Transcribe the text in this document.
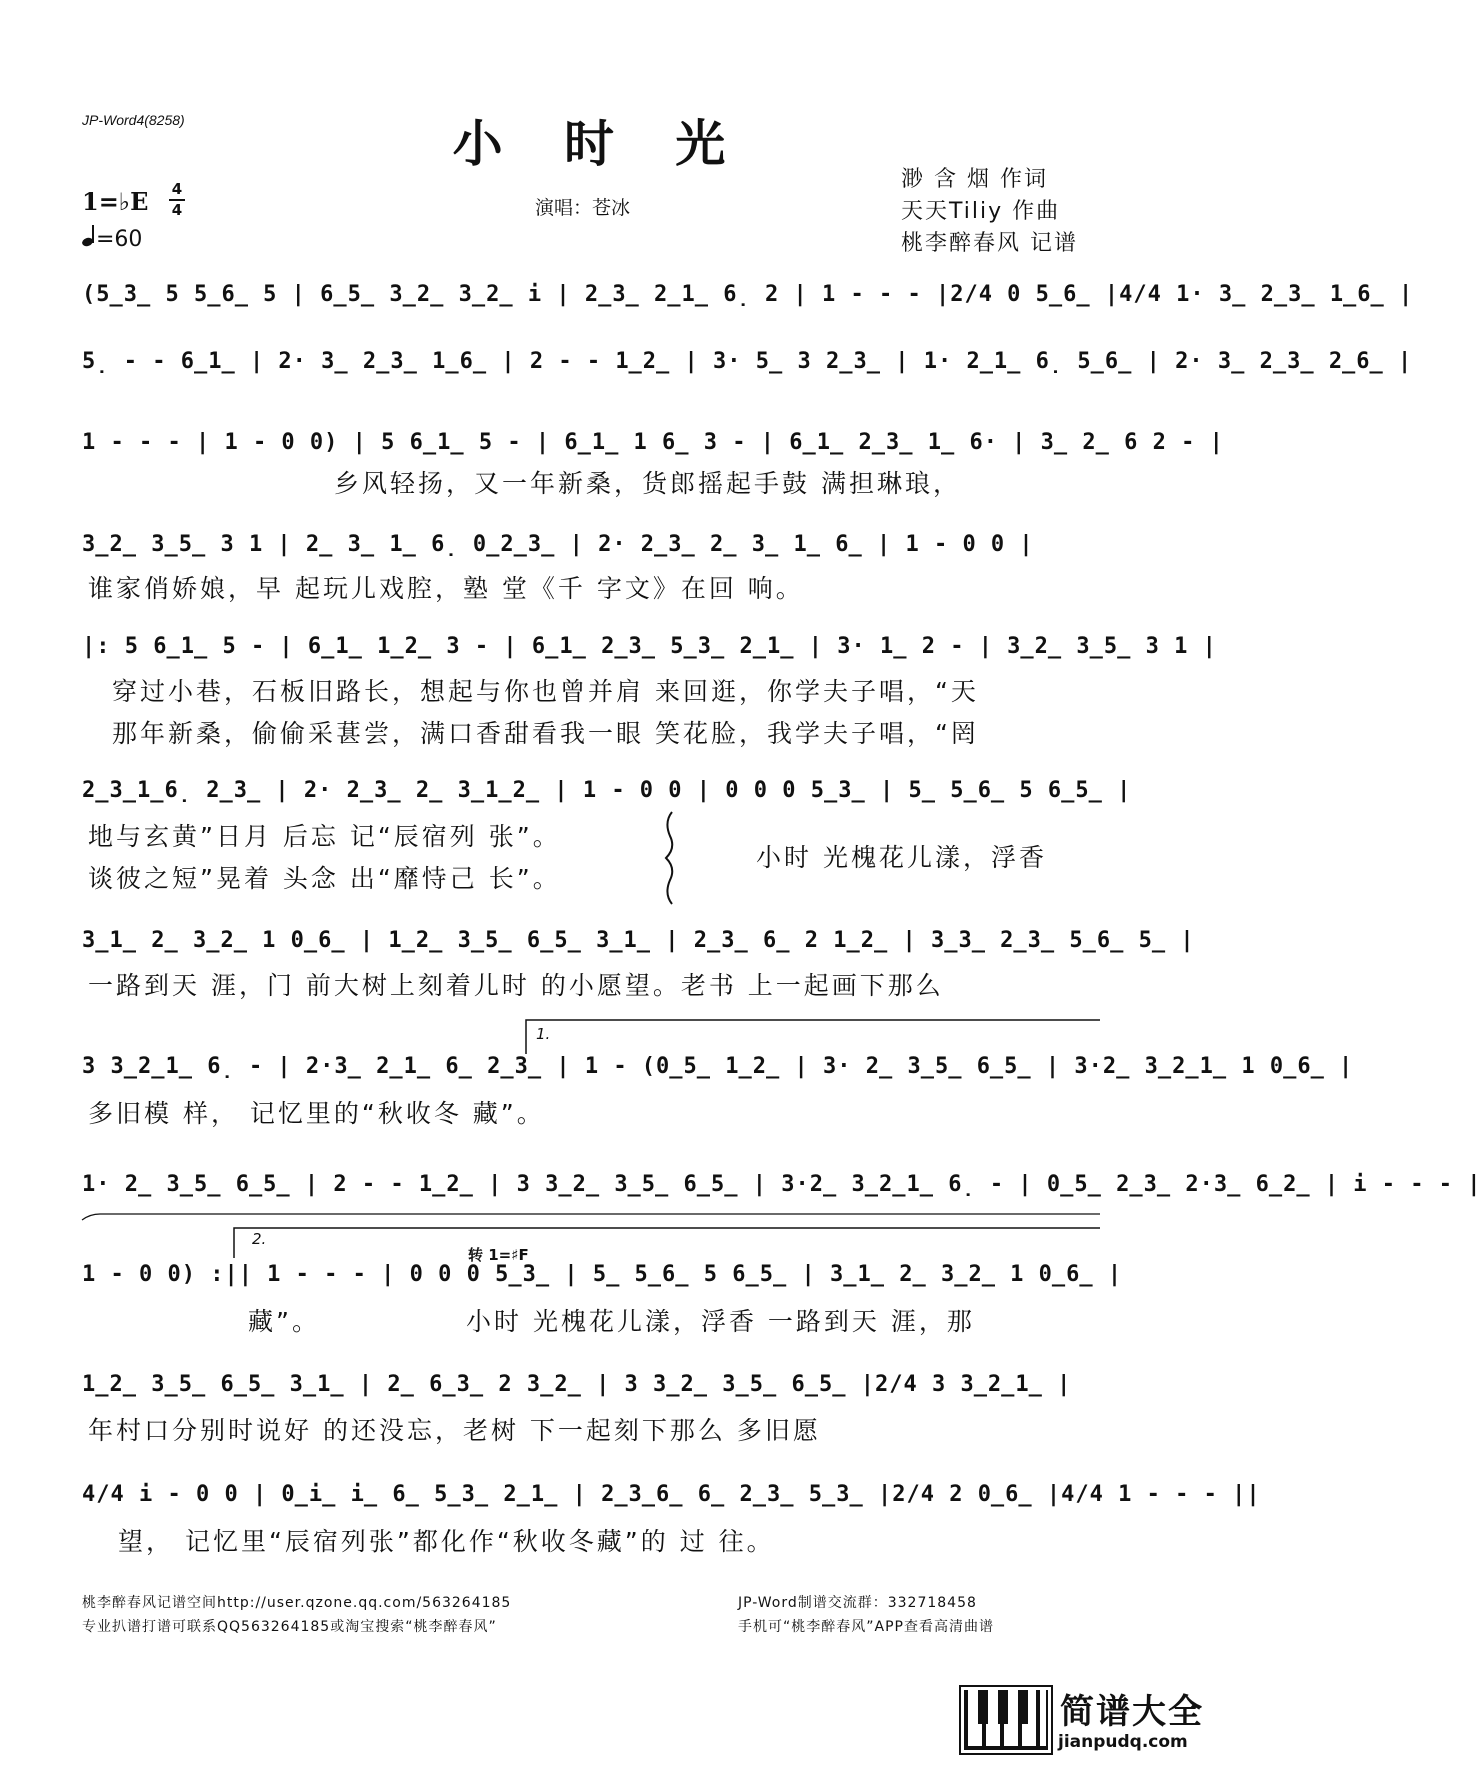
JP-Word4(8258)	小 时 光
1=♭E	4
4
=60
演唱：苍冰
渺 含 烟 作词
天天Tiliy 作曲
桃李醉春风 记谱
(5̲3̲ 5 5̲6̲ 5 | 6̲5̲ 3̲2̲ 3̲2̲ i | 2̲3̲ 2̲1̲ 6̣ 2 | 1 - - - |2/4 0 5̲6̲ |4/4 1· 3̲ 2̲3̲ 1̲6̲ |
5̣ - - 6̲1̲ | 2· 3̲ 2̲3̲ 1̲6̲ | 2 - - 1̲2̲ | 3· 5̲ 3 2̲3̲ | 1· 2̲1̲ 6̣ 5̲6̲ | 2· 3̲ 2̲3̲ 2̲6̲ |
1 - - - | 1 - 0 0) | 5 6̲1̲ 5 - | 6̲1̲ 1 6̲ 3 - | 6̲1̲ 2̲3̲ 1̲ 6· | 3̲ 2̲ 6 2 - |
乡风轻扬，又一年新桑，货郎摇起手鼓 满担琳琅，
3̲2̲ 3̲5̲ 3 1 | 2̲ 3̲ 1̲ 6̣ 0̲2̲3̲ | 2· 2̲3̲ 2̲ 3̲ 1̲ 6̲ | 1 - 0 0 |
谁家俏娇娘，早 起玩儿戏腔，塾 堂《千 字文》在回 响。
|: 5 6̲1̲ 5 - | 6̲1̲ 1̲2̲ 3 - | 6̲1̲ 2̲3̲ 5̲3̲ 2̲1̲ | 3· 1̲ 2 - | 3̲2̲ 3̲5̲ 3 1 |
穿过小巷，石板旧路长，想起与你也曾并肩 来回逛，你学夫子唱，“天
那年新桑，偷偷采葚尝，满口香甜看我一眼 笑花脸，我学夫子唱，“罔
2̲3̲1̲6̣ 2̲3̲ | 2· 2̲3̲ 2̲ 3̲1̲2̲ | 1 - 0 0 | 0 0 0 5̲3̲ | 5̲ 5̲6̲ 5 6̲5̲ |
地与玄黄”日月 后忘 记“辰宿列 张”。
谈彼之短”晃着 头念 出“靡恃己 长”。
小时 光槐花儿漾，浮香
3̲1̲ 2̲ 3̲2̲ 1 0̲6̲ | 1̲2̲ 3̲5̲ 6̲5̲ 3̲1̲ | 2̲3̲ 6̲ 2 1̲2̲ | 3̲3̲ 2̲3̲ 5̲6̲ 5̲ |
一路到天 涯，门 前大树上刻着儿时 的小愿望。老书 上一起画下那么
1.
3 3̲2̲1̲ 6̣ - | 2·3̲ 2̲1̲ 6̲ 2̲3̲ | 1 - (0̲5̲ 1̲2̲ | 3· 2̲ 3̲5̲ 6̲5̲ | 3·2̲ 3̲2̲1̲ 1 0̲6̲ |
多旧模 样， 记忆里的“秋收冬 藏”。
1· 2̲ 3̲5̲ 6̲5̲ | 2 - - 1̲2̲ | 3 3̲2̲ 3̲5̲ 6̲5̲ | 3·2̲ 3̲2̲1̲ 6̣ - | 0̲5̲ 2̲3̲ 2·3̲ 6̲2̲ | i - - - |
2.
转 1=♯F
1 - 0 0) :|| 1 - - - | 0 0 0 5̲3̲ | 5̲ 5̲6̲ 5 6̲5̲ | 3̲1̲ 2̲ 3̲2̲ 1 0̲6̲ |
藏”。	小时 光槐花儿漾，浮香 一路到天 涯，那
1̲2̲ 3̲5̲ 6̲5̲ 3̲1̲ | 2̲ 6̲3̲ 2 3̲2̲ | 3 3̲2̲ 3̲5̲ 6̲5̲ |2/4 3 3̲2̲1̲ |
年村口分别时说好 的还没忘，老树 下一起刻下那么 多旧愿
4/4 i - 0 0 | 0̲i̲ i̲ 6̲ 5̲3̲ 2̲1̲ | 2̲3̲6̲ 6̲ 2̲3̲ 5̲3̲ |2/4 2 0̲6̲ |4/4 1 - - - ||
望， 记忆里“辰宿列张”都化作“秋收冬藏”的 过 往。
桃李醉春风记谱空间http://user.qzone.qq.com/563264185
专业扒谱打谱可联系QQ563264185或淘宝搜索“桃李醉春风”
JP-Word制谱交流群：332718458
手机可“桃李醉春风”APP查看高清曲谱
简谱大全
jianpudq.com
